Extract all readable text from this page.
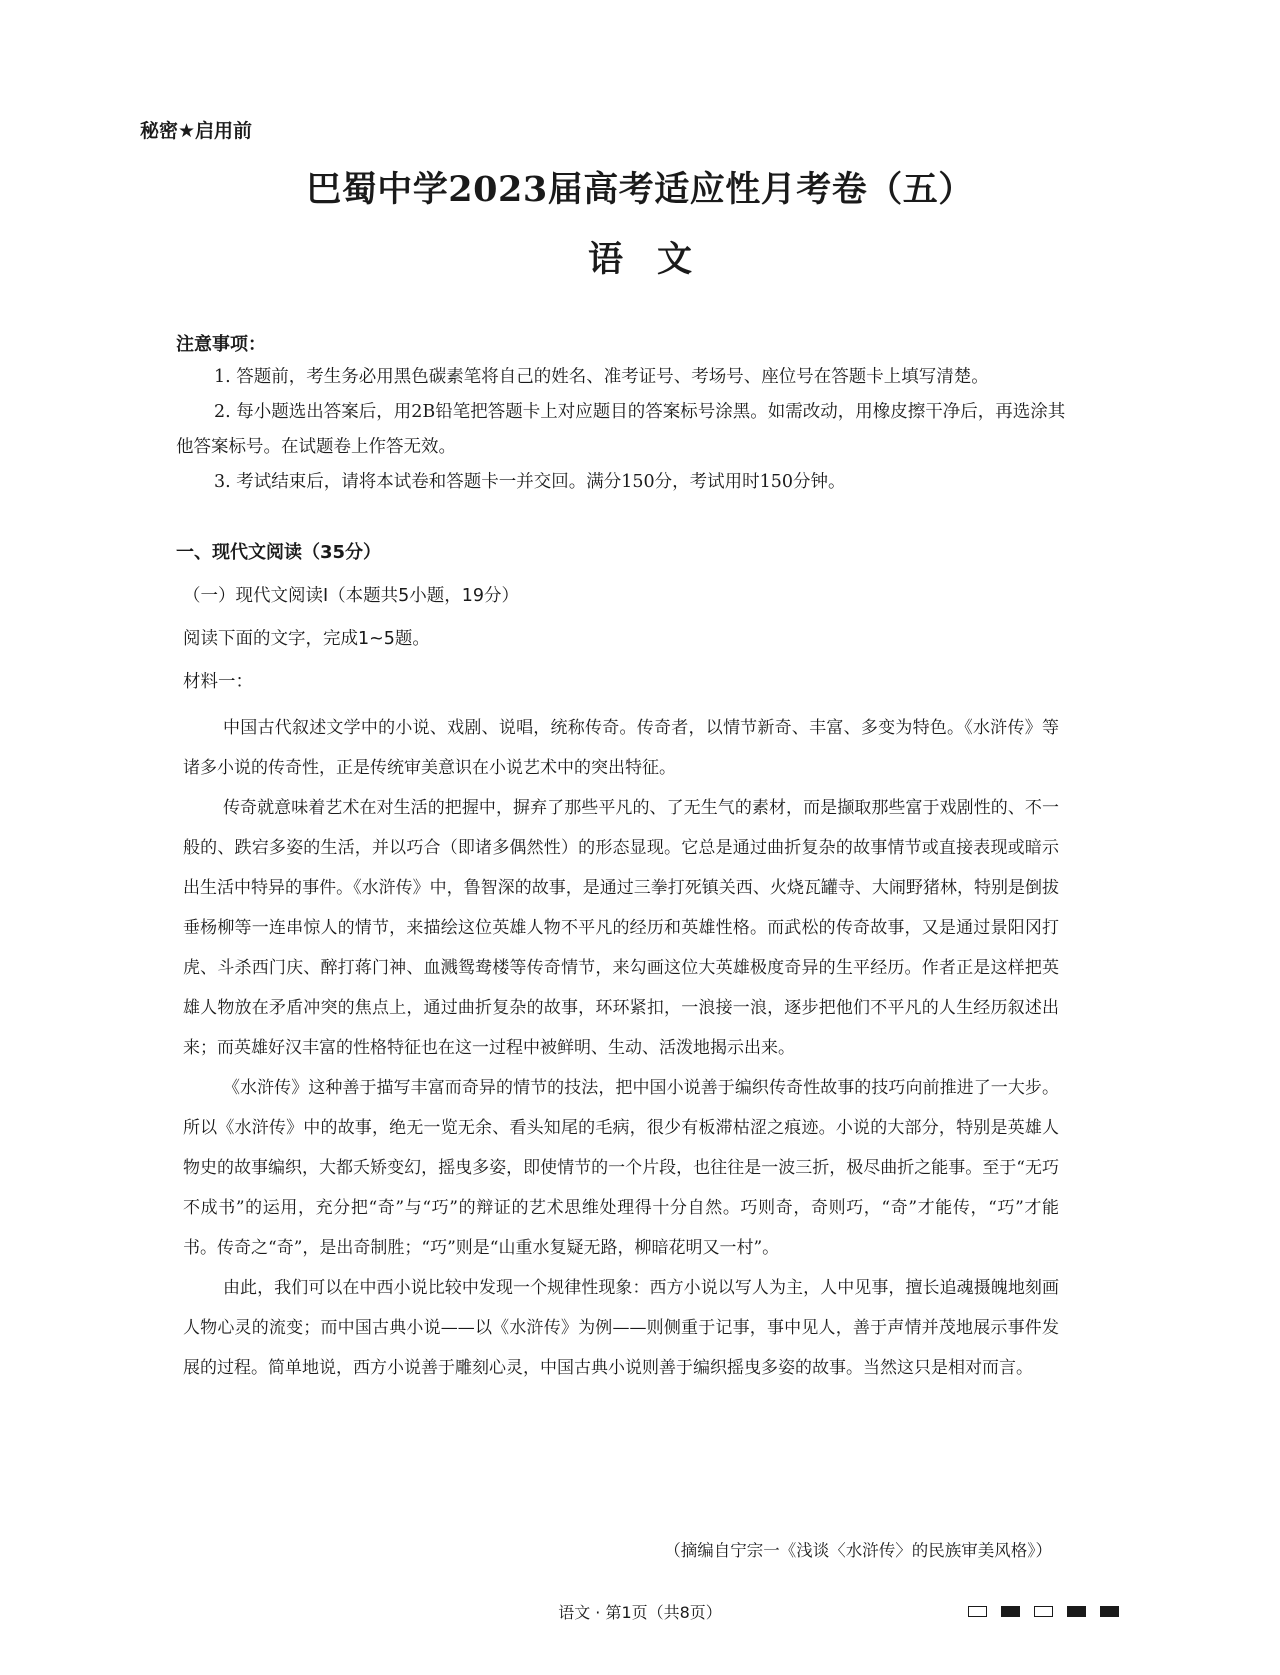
秘密★启用前
巴蜀中学2023届高考适应性月考卷（五）
语文
注意事项：

1. 答题前，考生务必用黑色碳素笔将自己的姓名、准考证号、考场号、座位号在答题卡上填写清楚。

2. 每小题选出答案后，用2B铅笔把答题卡上对应题目的答案标号涂黑。如需改动，用橡皮擦干净后，再选涂其他答案标号。在试题卷上作答无效。

3. 考试结束后，请将本试卷和答题卡一并交回。满分150分，考试用时150分钟。

一、现代文阅读（35分）
（一）现代文阅读Ⅰ（本题共5小题，19分）
阅读下面的文字，完成1~5题。
材料一：

中国古代叙述文学中的小说、戏剧、说唱，统称传奇。传奇者，以情节新奇、丰富、多变为特色。《水浒传》等诸多小说的传奇性，正是传统审美意识在小说艺术中的突出特征。

传奇就意味着艺术在对生活的把握中，摒弃了那些平凡的、了无生气的素材，而是撷取那些富于戏剧性的、不一般的、跌宕多姿的生活，并以巧合（即诸多偶然性）的形态显现。它总是通过曲折复杂的故事情节或直接表现或暗示出生活中特异的事件。《水浒传》中，鲁智深的故事，是通过三拳打死镇关西、火烧瓦罐寺、大闹野猪林，特别是倒拔垂杨柳等一连串惊人的情节，来描绘这位英雄人物不平凡的经历和英雄性格。而武松的传奇故事，又是通过景阳冈打虎、斗杀西门庆、醉打蒋门神、血溅鸳鸯楼等传奇情节，来勾画这位大英雄极度奇异的生平经历。作者正是这样把英雄人物放在矛盾冲突的焦点上，通过曲折复杂的故事，环环紧扣，一浪接一浪，逐步把他们不平凡的人生经历叙述出来；而英雄好汉丰富的性格特征也在这一过程中被鲜明、生动、活泼地揭示出来。

《水浒传》这种善于描写丰富而奇异的情节的技法，把中国小说善于编织传奇性故事的技巧向前推进了一大步。所以《水浒传》中的故事，绝无一览无余、看头知尾的毛病，很少有板滞枯涩之痕迹。小说的大部分，特别是英雄人物史的故事编织，大都夭矫变幻，摇曳多姿，即使情节的一个片段，也往往是一波三折，极尽曲折之能事。至于“无巧不成书”的运用，充分把“奇”与“巧”的辩证的艺术思维处理得十分自然。巧则奇，奇则巧，“奇”才能传，“巧”才能书。传奇之“奇”，是出奇制胜；“巧”则是“山重水复疑无路，柳暗花明又一村”。

由此，我们可以在中西小说比较中发现一个规律性现象：西方小说以写人为主，人中见事，擅长追魂摄魄地刻画人物心灵的流变；而中国古典小说——以《水浒传》为例——则侧重于记事，事中见人，善于声情并茂地展示事件发展的过程。简单地说，西方小说善于雕刻心灵，中国古典小说则善于编织摇曳多姿的故事。当然这只是相对而言。

（摘编自宁宗一《浅谈〈水浒传〉的民族审美风格》）
语文 · 第1页（共8页）
